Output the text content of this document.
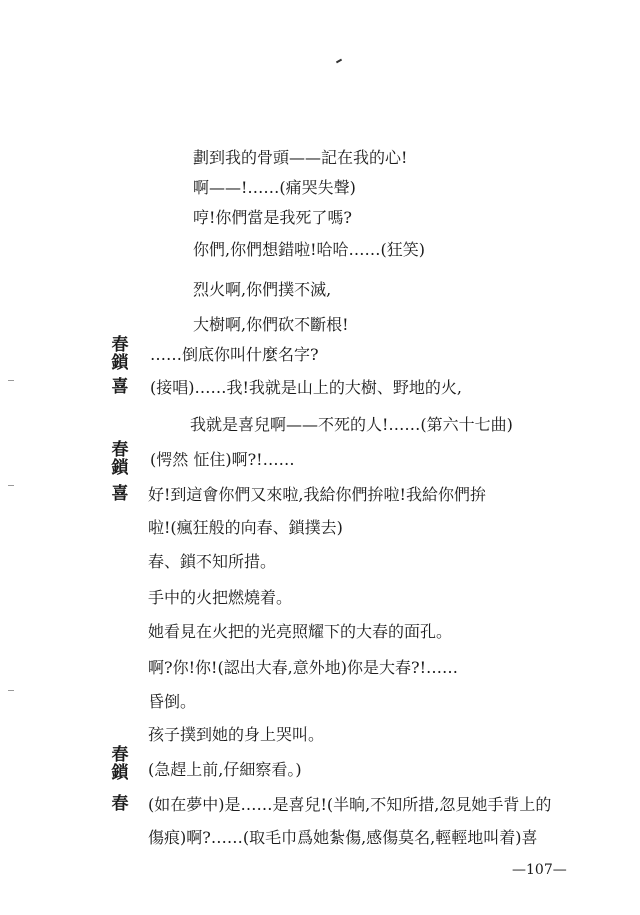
劃到我的骨頭——記在我的心!
啊——!……(痛哭失聲)
哼!你們當是我死了嗎?
你們,你們想錯啦!哈哈……(狂笑)
烈火啊,你們撲不滅,
大樹啊,你們砍不斷根!
春
鎖 ……倒底你叫什麼名字?
喜 (接唱)……我!我就是山上的大樹、野地的火,
我就是喜兒啊——不死的人!……(第六十七曲)
春
鎖 (愕然 怔住)啊?!……
喜 好!到這會你們又來啦,我給你們拚啦!我給你們拚
啦!(瘋狂般的向春、鎖撲去)
春、鎖不知所措。
手中的火把燃燒着。
她看見在火把的光亮照耀下的大春的面孔。
啊?你!你!(認出大春,意外地)你是大春?!……
昏倒。
孩子撲到她的身上哭叫。
春
鎖 (急趕上前,仔細察看。)
春 (如在夢中)是……是喜兒!(半晌,不知所措,忽見她手背上的
傷痕)啊?……(取毛巾爲她紮傷,感傷莫名,輕輕地叫着)喜
—107—
